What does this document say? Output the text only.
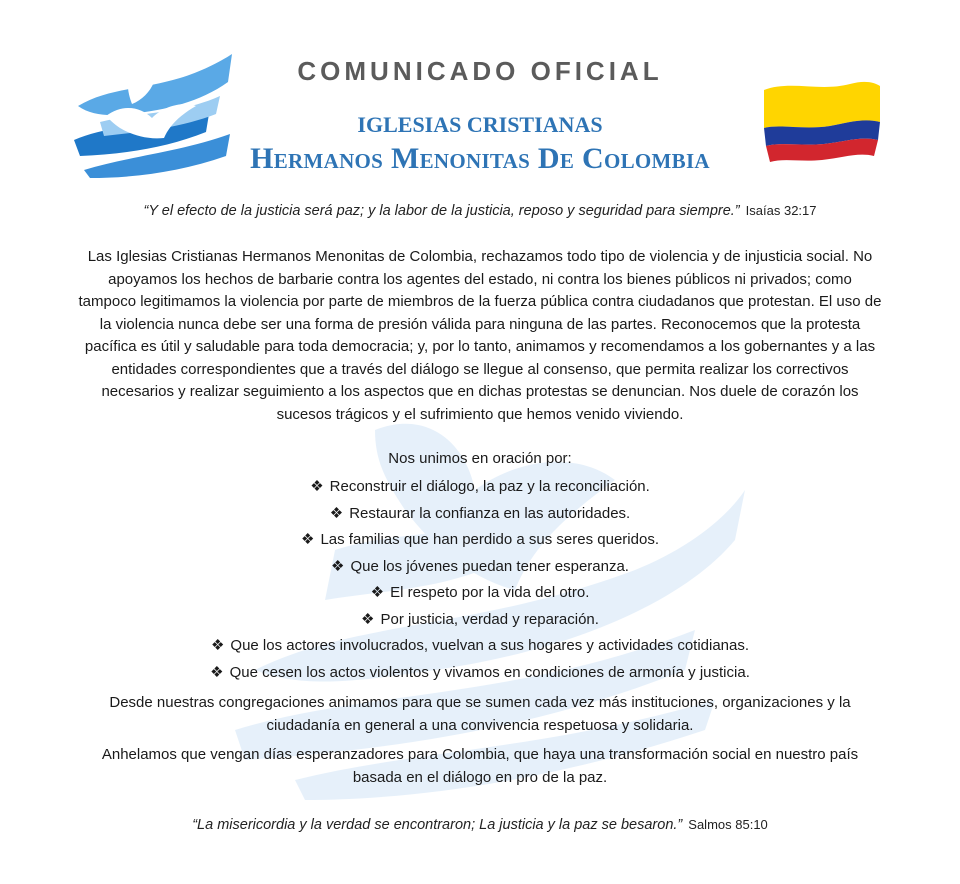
COMUNICADO OFICIAL
IGLESIAS CRISTIANAS
Hermanos Menonitas De Colombia
“Y el efecto de la justicia será paz; y la labor de la justicia, reposo y seguridad para siempre.” Isaías 32:17
Las Iglesias Cristianas Hermanos Menonitas de Colombia, rechazamos todo tipo de violencia y de injusticia social. No apoyamos los hechos de barbarie contra los agentes del estado, ni contra los bienes públicos ni privados; como tampoco legitimamos la violencia por parte de miembros de la fuerza pública contra ciudadanos que protestan. El uso de la violencia nunca debe ser una forma de presión válida para ninguna de las partes. Reconocemos que la protesta pacífica es útil y saludable para toda democracia; y, por lo tanto, animamos y recomendamos a los gobernantes y a las entidades correspondientes que a través del diálogo se llegue al consenso, que permita realizar los correctivos necesarios y realizar seguimiento a los aspectos que en dichas protestas se denuncian. Nos duele de corazón los sucesos trágicos y el sufrimiento que hemos venido viviendo.
Nos unimos en oración por:
❖ Reconstruir el diálogo, la paz y la reconciliación.
❖ Restaurar la confianza en las autoridades.
❖ Las familias que han perdido a sus seres queridos.
❖ Que los jóvenes puedan tener esperanza.
❖ El respeto por la vida del otro.
❖ Por justicia, verdad y reparación.
❖ Que los actores involucrados, vuelvan a sus hogares y actividades cotidianas.
❖ Que cesen los actos violentos y vivamos en condiciones de armonía y justicia.
Desde nuestras congregaciones animamos para que se sumen cada vez más instituciones, organizaciones y la ciudadanía en general a una convivencia respetuosa y solidaria.
Anhelamos que vengan días esperanzadores para Colombia, que haya una transformación social en nuestro país basada en el diálogo en pro de la paz.
“La misericordia y la verdad se encontraron; La justicia y la paz se besaron.” Salmos 85:10
